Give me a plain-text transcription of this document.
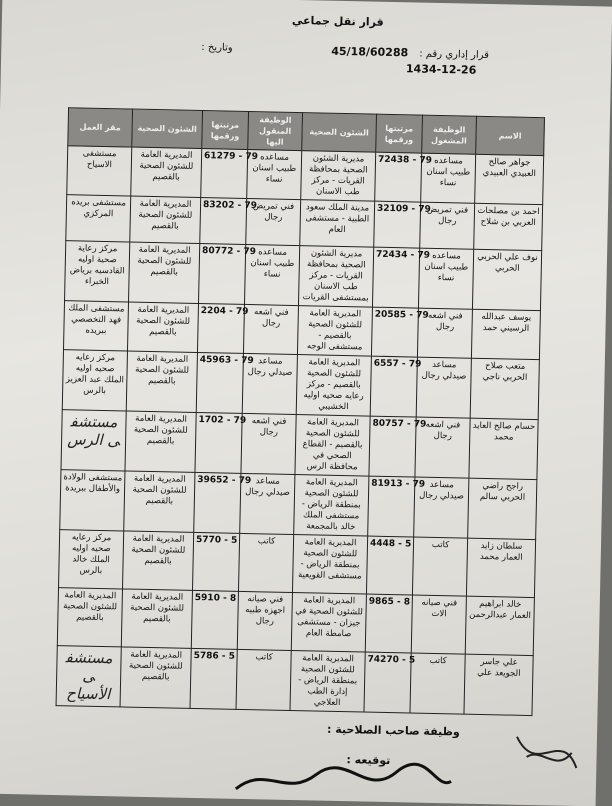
قرار نقل جماعي
قرار إداري رقم :
45/18/60288
وتاريخ :
1434-12-26
الاسم	الوظيفة المشغول	مرتبتها ورقمها	الشئون الصحية	الوظيفة المنقول اليها	مرتبتها ورقمها	الشئون الصحية	مقر العمل
جواهر صالح العبيدي العبيدي	مساعده طبيب اسنان نساء	72438 - 79	مديرية الشئون الصحية بمحافظة القريات - مركز طب الاسنان	مساعده طبيب اسنان نساء	61279 - 79	المديرية العامة للشئون الصحية بالقصيم	مستشفى الاسياح
احمد بن مصلحات العربي بن شلاح	فني تمريض رجال	32109 - 79	مدينة الملك سعود الطبية - مستشفى العام	فني تمريض رجال	83202 - 79	المديرية العامة للشئون الصحية بالقصيم	مستشفى بريده المركزي
نوف علي الحربي الحربي	مساعده طبيب اسنان نساء	72434 - 79	مديرية الشئون الصحية بمحافظة القريات - مركز طب الاسنان بمستشفى القريات	مساعده طبيب اسنان نساء	80772 - 79	المديرية العامة للشئون الصحية بالقصيم	مركز رعاية صحية اوليه القادسيه برياض الخبراء
يوسف عبدالله الرسيني حمد	فني اشعه رجال	20585 - 79	المديرية العامة للشئون الصحية بالقصيم - مستشفى الوجه	فني اشعه رجال	2204 - 79	المديرية العامة للشئون الصحية بالقصيم	مستشفى الملك فهد التخصصي ببريده
متعب صلاح الحربي ناجي	مساعد صيدلي رجال	6557 - 79	المديرية العامة للشئون الصحية بالقصيم - مركز رعايه صحيه اوليه الخشيبي	مساعد صيدلي رجال	45963 - 79	المديرية العامة للشئون الصحية بالقصيم	مركز رعايه صحيه اوليه الملك عبد العزيز بالرس
حسام صالح العايد محمد	فني اشعه رجال	80757 - 79	المديرية العامة للشئون الصحية بالقصيم - القطاع الصحي في محافظة الرس	فني اشعه رجال	1702 - 79	المديرية العامة للشئون الصحية بالقصيم	مستشفى الرس
راجح راضي الحربي سالم	مساعد صيدلي رجال	81913 - 79	المديرية العامة للشئون الصحية بمنطقة الرياض - مستشفى الملك خالد بالمجمعة	مساعد صيدلي رجال	39652 - 79	المديرية العامة للشئون الصحية بالقصيم	مستشفى الولادة والأطفال ببريدة
سلطان زايد العمار محمد	كاتب	4448 - 5	المديرية العامة للشئون الصحية بمنطقة الرياض - مستشفى القويعية	كاتب	5770 - 5	المديرية العامة للشئون الصحية بالقصيم	مركز رعايه صحيه اوليه الملك خالد بالرس
خالد ابراهيم العمار عبدالرحمن	فني صيانه الات	9865 - 8	المديرية العامة للشئون الصحية في جيزان - مستشفى صامطة العام	فني صيانه اجهزه طبيه رجال	5910 - 8	المديرية العامة للشئون الصحية بالقصيم	المديرية العامة للشئون الصحية بالقصيم
علي جاسر الجويعد علي	كاتب	74270 - 5	المديرية العامة للشئون الصحية بمنطقة الرياض - إدارة الطب العلاجي	كاتب	5786 - 5	المديرية العامة للشئون الصحية بالقصيم	مستشفى الأسياح
وظيفة صاحب الصلاحية :
توقيعه :
